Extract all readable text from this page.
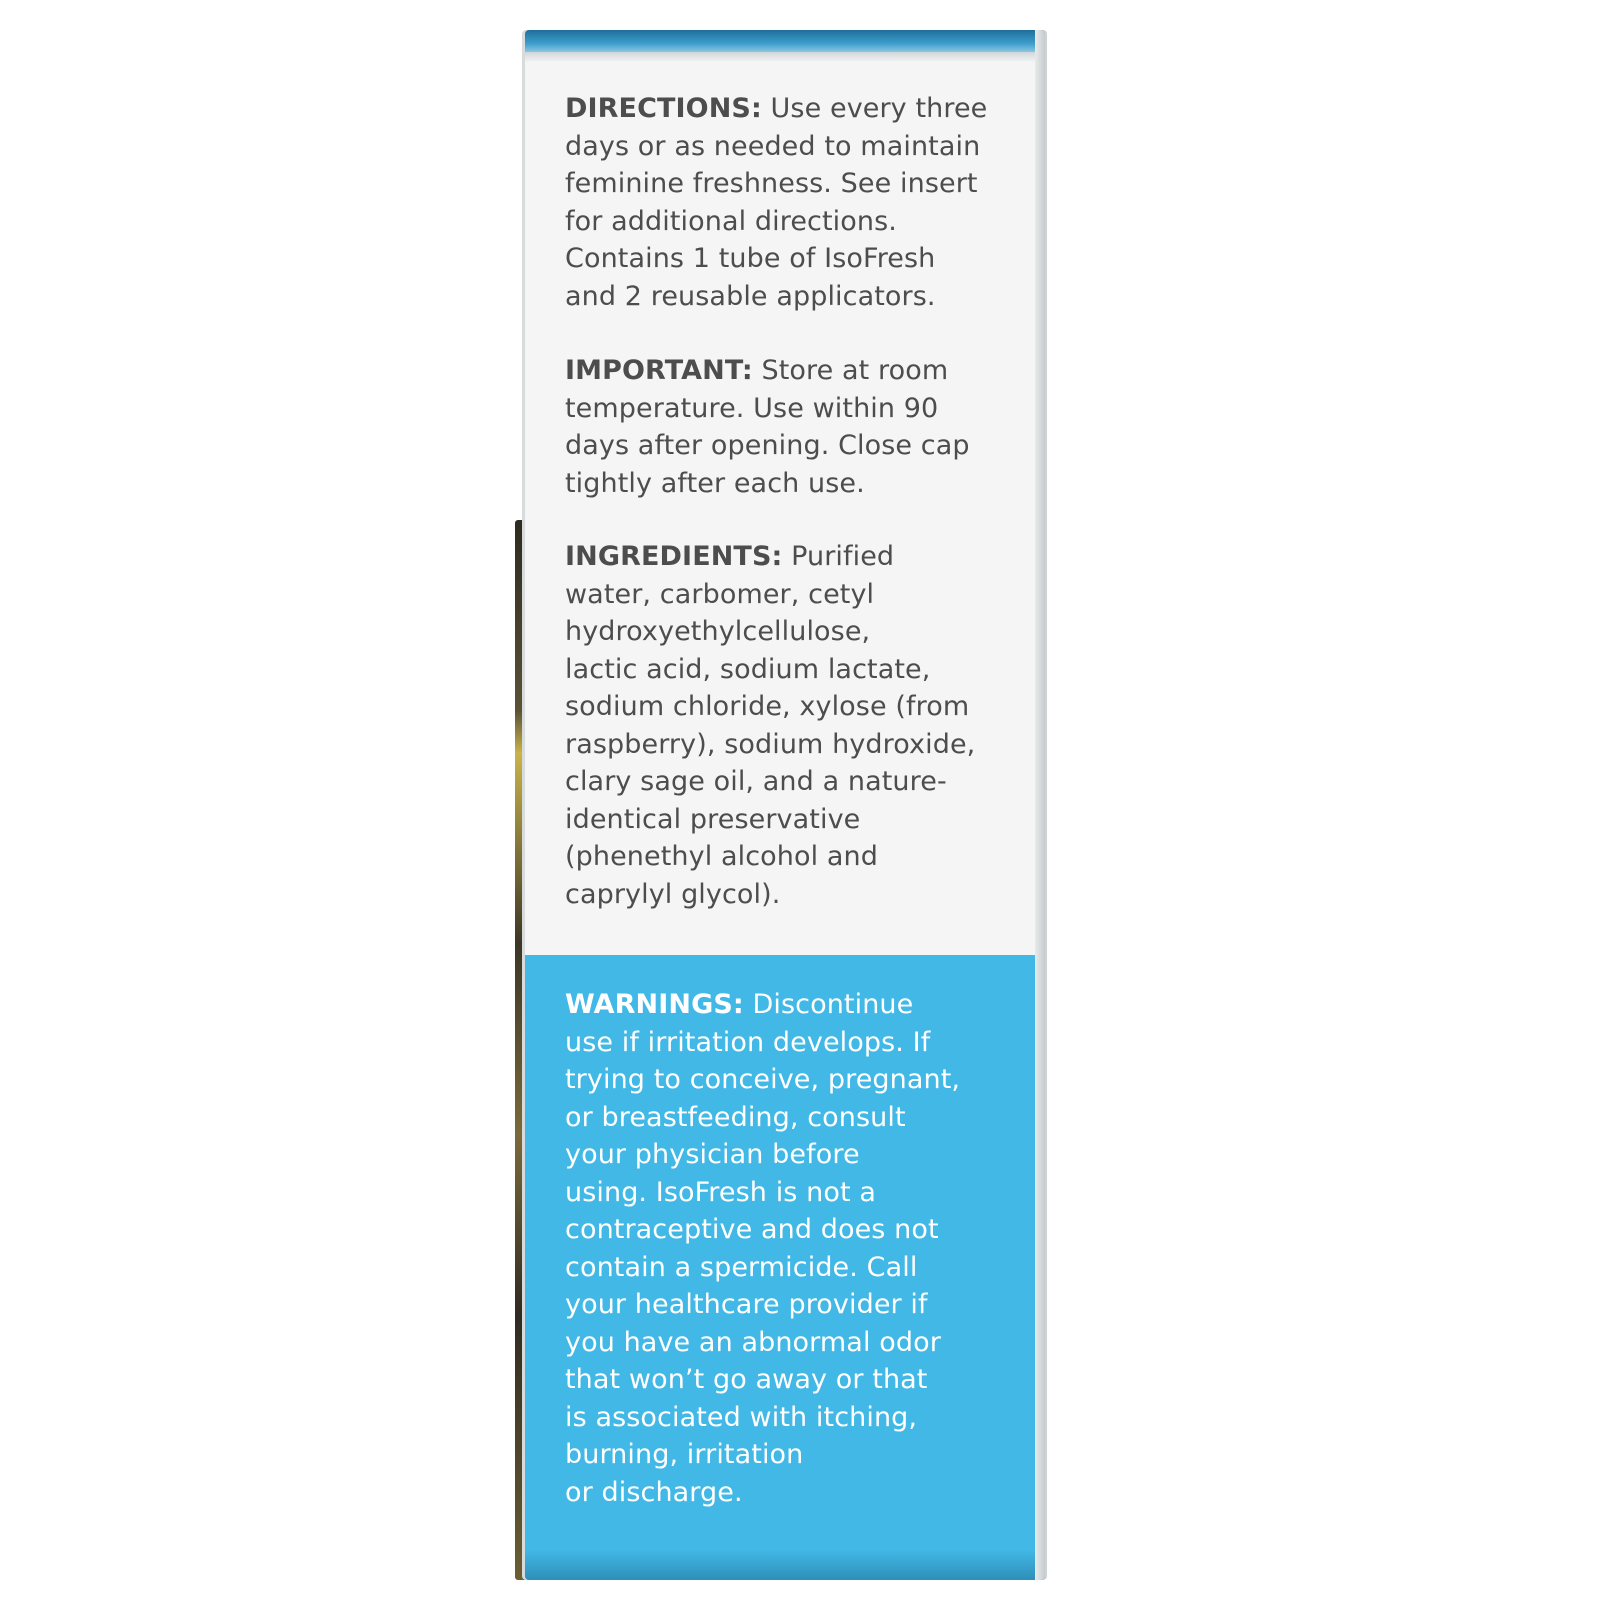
DIRECTIONS: Use every three
days or as needed to maintain
feminine freshness. See insert
for additional directions.
Contains 1 tube of IsoFresh
and 2 reusable applicators.
IMPORTANT: Store at room
temperature. Use within 90
days after opening. Close cap
tightly after each use.
INGREDIENTS: Purified
water, carbomer, cetyl
hydroxyethylcellulose,
lactic acid, sodium lactate,
sodium chloride, xylose (from
raspberry), sodium hydroxide,
clary sage oil, and a nature-
identical preservative
(phenethyl alcohol and
caprylyl glycol).
WARNINGS: Discontinue
use if irritation develops. If
trying to conceive, pregnant,
or breastfeeding, consult
your physician before
using. IsoFresh is not a
contraceptive and does not
contain a spermicide. Call
your healthcare provider if
you have an abnormal odor
that won’t go away or that
is associated with itching,
burning, irritation
or discharge.
